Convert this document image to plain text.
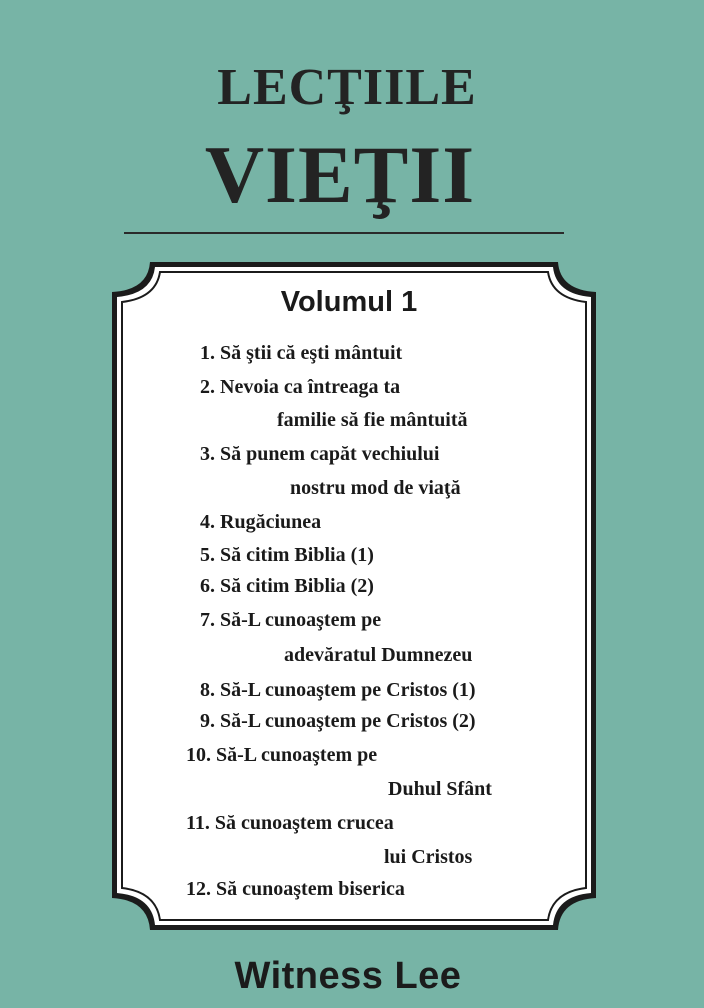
LECŢIILE
VIEŢII
Volumul 1
1. Să ştii că eşti mântuit
2. Nevoia ca întreaga ta
familie să fie mântuită
3. Să punem capăt vechiului
nostru mod de viaţă
4. Rugăciunea
5. Să citim Biblia (1)
6. Să citim Biblia (2)
7. Să-L cunoaştem pe
adevăratul Dumnezeu
8. Să-L cunoaştem pe Cristos (1)
9. Să-L cunoaştem pe Cristos (2)
10. Să-L cunoaştem pe
Duhul Sfânt
11. Să cunoaştem crucea
lui Cristos
12. Să cunoaştem biserica
Witness Lee
